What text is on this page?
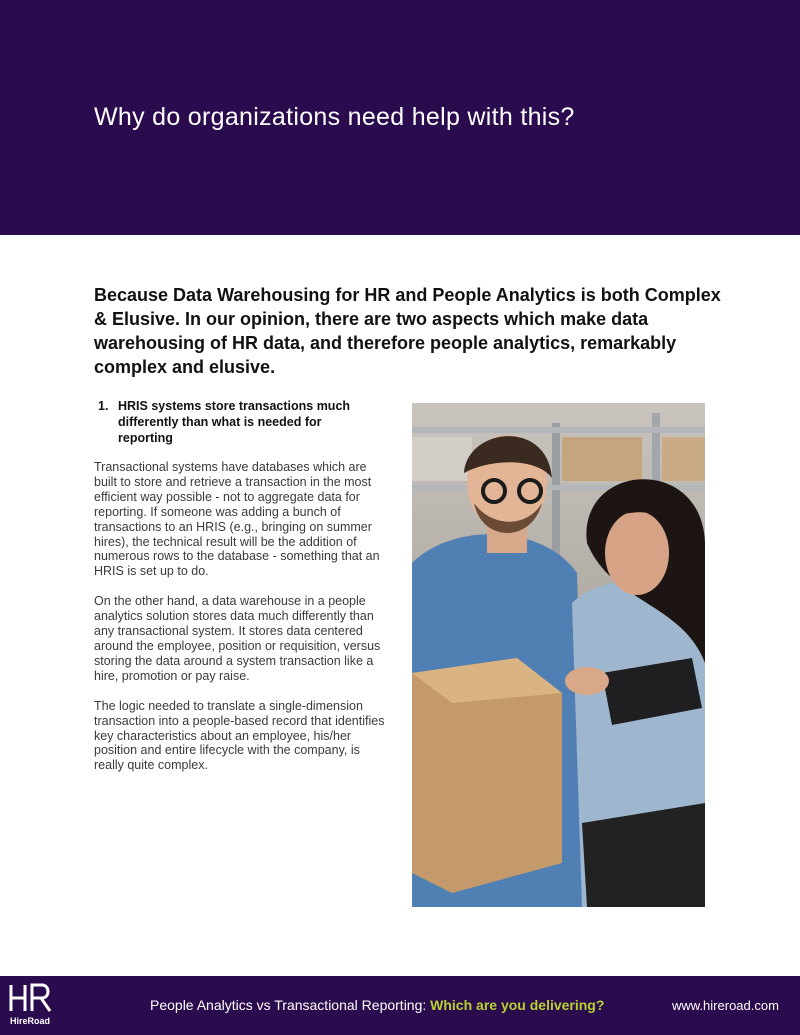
Why do organizations need help with this?
Because Data Warehousing for HR and People Analytics is both Complex & Elusive. In our opinion, there are two aspects which make data warehousing of HR data, and therefore people analytics, remarkably complex and elusive.
1. HRIS systems store transactions much differently than what is needed for reporting

Transactional systems have databases which are built to store and retrieve a transaction in the most efficient way possible - not to aggregate data for reporting. If someone was adding a bunch of transactions to an HRIS (e.g., bringing on summer hires), the technical result will be the addition of numerous rows to the database - something that an HRIS is set up to do.

On the other hand, a data warehouse in a people analytics solution stores data much differently than any transactional system. It stores data centered around the employee, position or requisition, versus storing the data around a system transaction like a hire, promotion or pay raise.

The logic needed to translate a single-dimension transaction into a people-based record that identifies key characteristics about an employee, his/her position and entire lifecycle with the company, is really quite complex.

HireRoad
People Analytics vs Transactional Reporting: Which are you delivering?	www.hireroad.com
